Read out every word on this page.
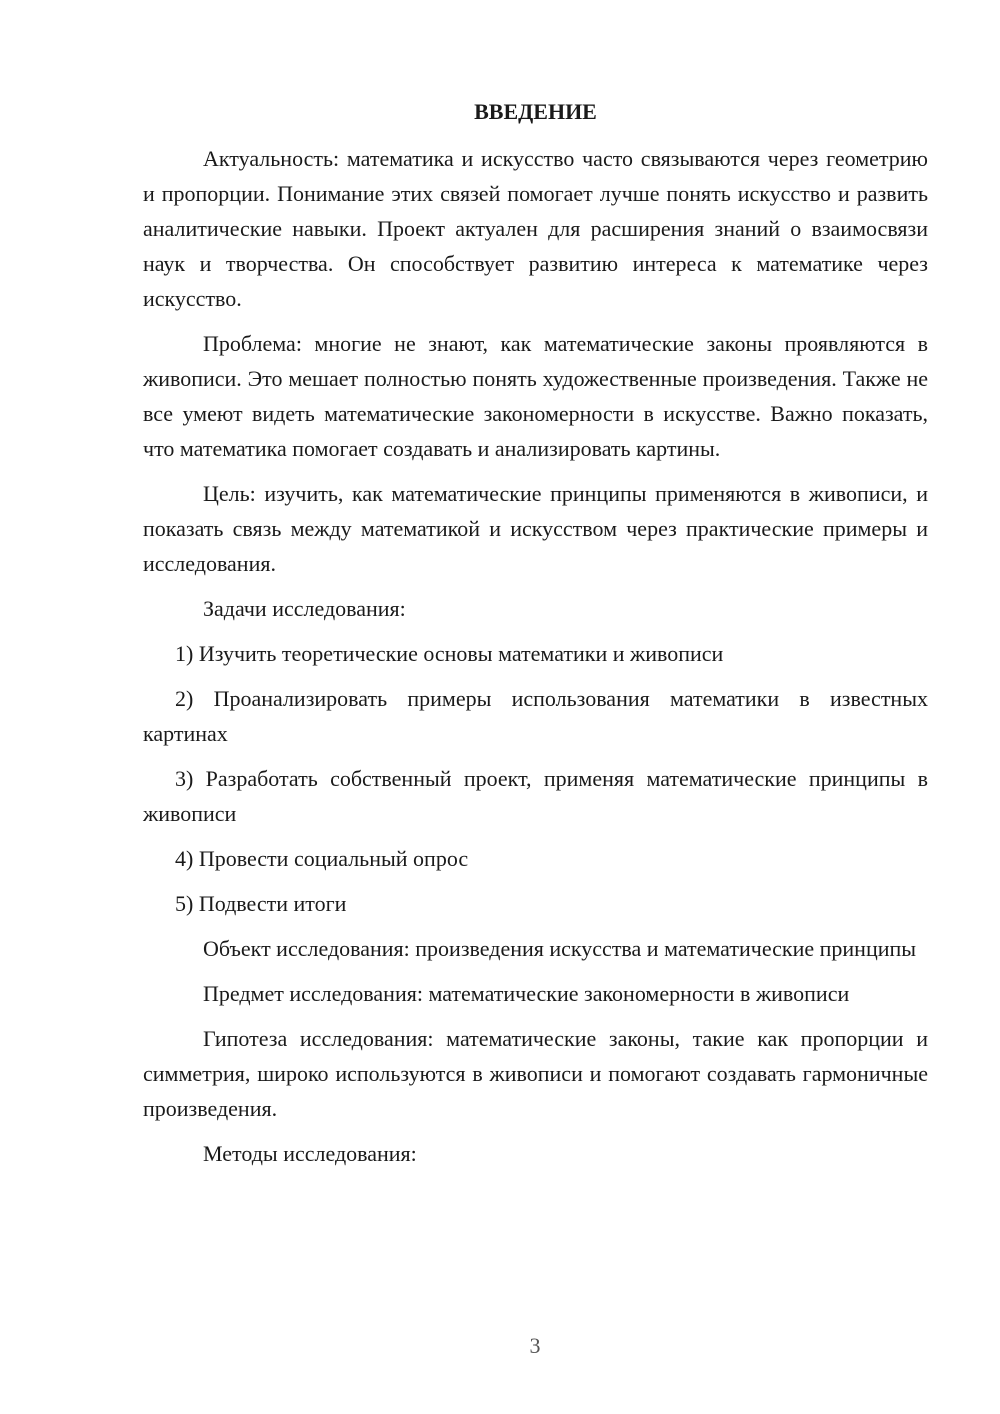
ВВЕДЕНИЕ

Актуальность: математика и искусство часто связываются через геометрию и пропорции. Понимание этих связей помогает лучше понять искусство и развить аналитические навыки. Проект актуален для расширения знаний о взаимосвязи наук и творчества. Он способствует развитию интереса к математике через искусство.

Проблема: многие не знают, как математические законы проявляются в живописи. Это мешает полностью понять художественные произведения. Также не все умеют видеть математические закономерности в искусстве. Важно показать, что математика помогает создавать и анализировать картины.

Цель: изучить, как математические принципы применяются в живописи, и показать связь между математикой и искусством через практические примеры и исследования.

Задачи исследования:

1) Изучить теоретические основы математики и живописи

2) Проанализировать примеры использования математики в известных картинах

3) Разработать собственный проект, применяя математические принципы в живописи

4) Провести социальный опрос

5) Подвести итоги

Объект исследования: произведения искусства и математические принципы

Предмет исследования: математические закономерности в живописи

Гипотеза исследования: математические законы, такие как пропорции и симметрия, широко используются в живописи и помогают создавать гармоничные произведения.

Методы исследования:

3
